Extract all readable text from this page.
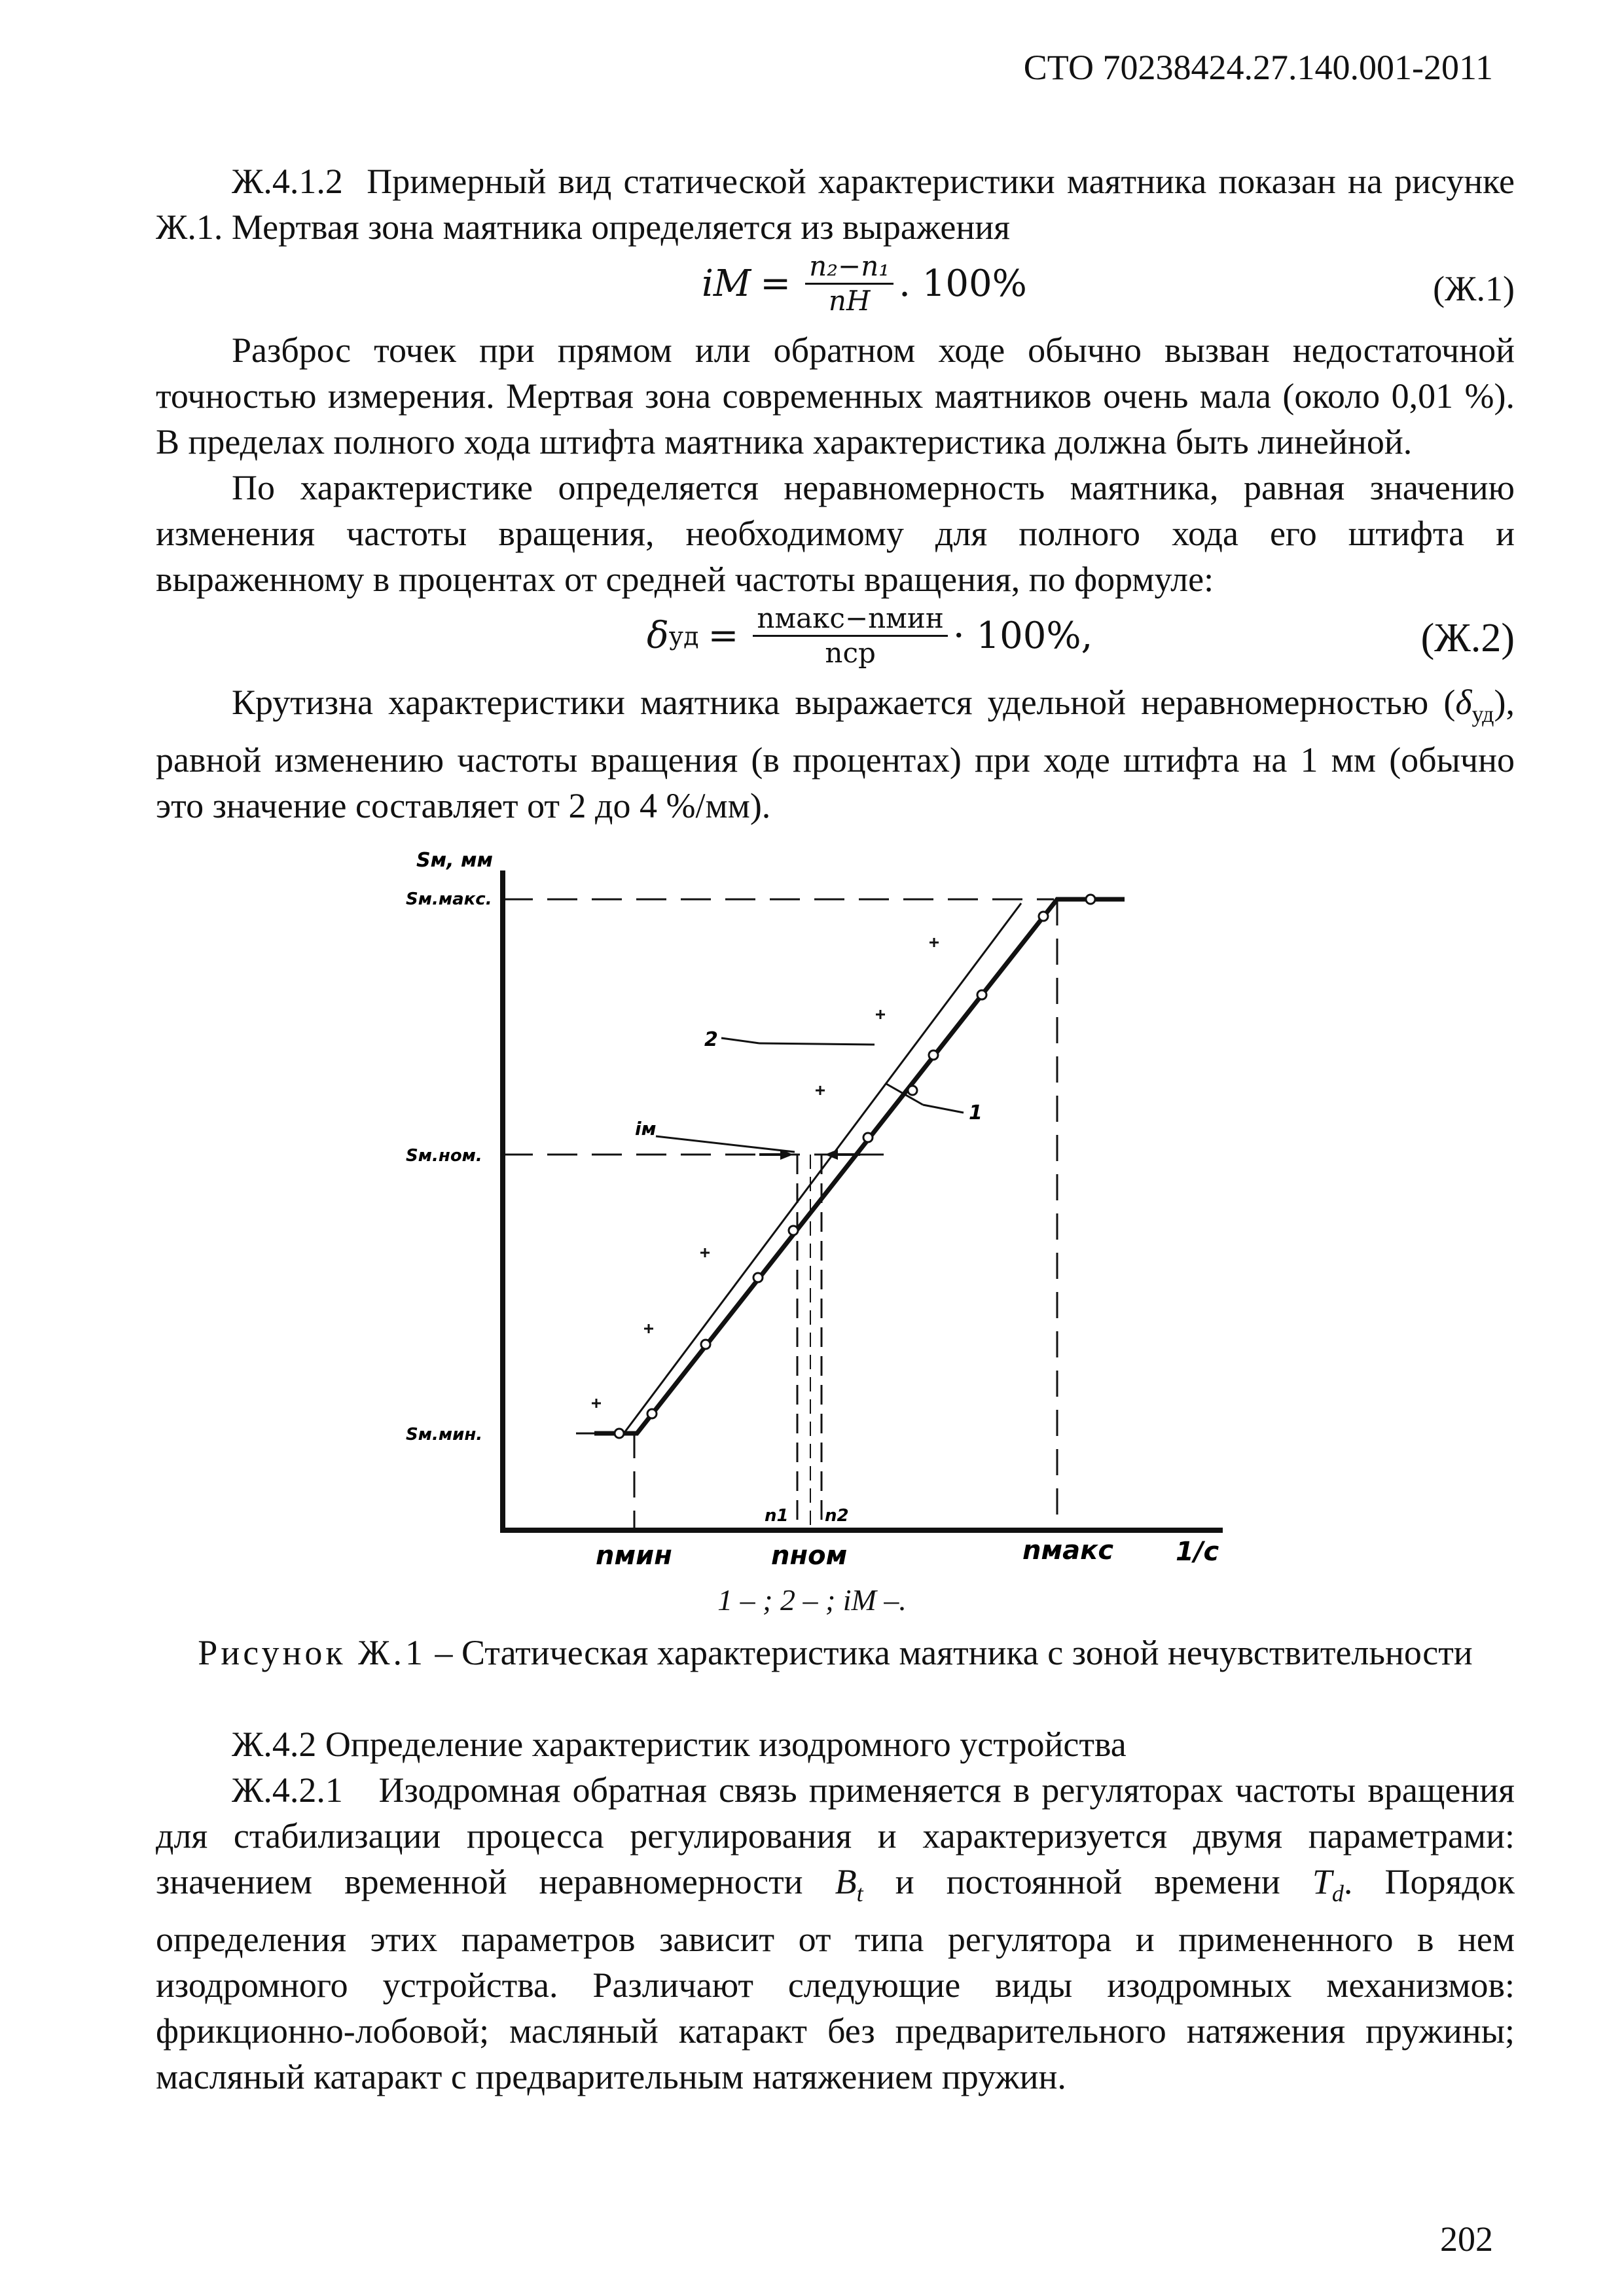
СТО 70238424.27.140.001-2011

Ж.4.1.2 Примерный вид статической характеристики маятника показан на рисунке Ж.1. Мертвая зона маятника определяется из выражения

iM = $\frac{\text{n₂−n₁}}{nH}$ . 100%	(Ж.1)

Разброс точек при прямом или обратном ходе обычно вызван недостаточной точностью измерения. Мертвая зона современных маятников очень мала (около 0,01 %). В пределах полного хода штифта маятника характеристика должна быть линейной.

По характеристике определяется неравномерность маятника, равная значению изменения частоты вращения, необходимому для полного хода его штифта и выраженному в процентах от средней частоты вращения, по формуле:

δ уд = $\frac{\text{nмакс−nмин}}{\text{nср}} \cdot 100\%$,	(Ж.2)

Крутизна характеристики маятника выражается удельной неравномерностью $(\delta_{уд})$, равной изменению частоты вращения (в процентах) при ходе штифта на 1 мм (обычно это значение составляет от 2 до 4 %/мм).

Sм, мм
Sм.макс.
Sм.ном.
Sм.мин.
nмин	nном	nмакс 1/с
n1 n2
2
1
iм
1 – ; 2 – ; iM –.
Рисунок Ж.1 – Статическая характеристика маятника с зоной нечувствительности

Ж.4.2 Определение характеристик изодромного устройства

Ж.4.2.1 Изодромная обратная связь применяется в регуляторах частоты вращения для стабилизации процесса регулирования и характеризуется двумя параметрами: значением временной неравномерности $B_t$ и постоянной времени $T_d$. Порядок определения этих параметров зависит от типа регулятора и примененного в нем изодромного устройства. Различают следующие виды изодромных механизмов: фрикционно-лобовой; масляный катаракт без предварительного натяжения пружины; масляный катаракт с предварительным натяжением пружин.

202
